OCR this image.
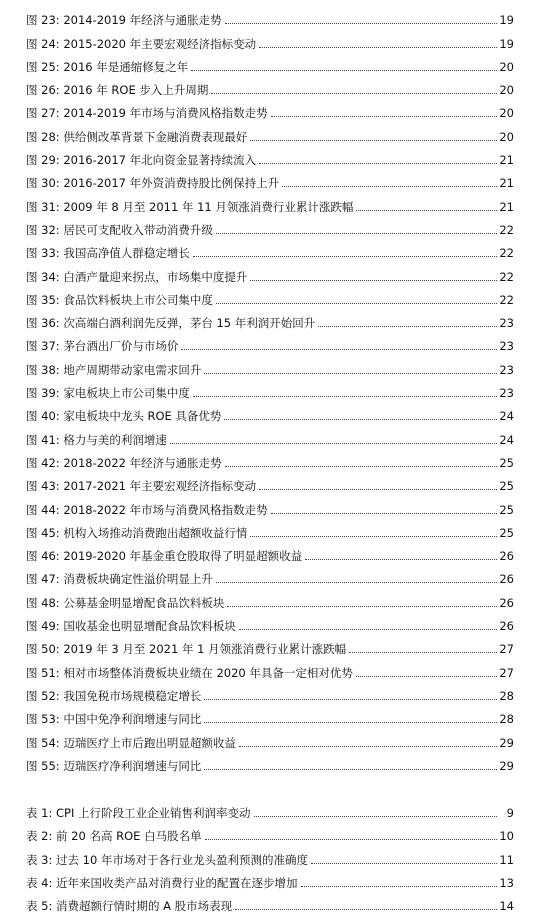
图 23: 2014-2019 年经济与通胀走势	19
图 24: 2015-2020 年主要宏观经济指标变动	19
图 25: 2016 年是通缩修复之年	20
图 26: 2016 年 ROE 步入上升周期	20
图 27: 2014-2019 年市场与消费风格指数走势	20
图 28: 供给侧改革背景下金融消费表现最好	20
图 29: 2016-2017 年北向资金显著持续流入	21
图 30: 2016-2017 年外资消费持股比例保持上升	21
图 31: 2009 年 8 月至 2011 年 11 月领涨消费行业累计涨跌幅	21
图 32: 居民可支配收入带动消费升级	22
图 33: 我国高净值人群稳定增长	22
图 34: 白酒产量迎来拐点，市场集中度提升	22
图 35: 食品饮料板块上市公司集中度	22
图 36: 次高端白酒利润先反弹，茅台 15 年利润开始回升	23
图 37: 茅台酒出厂价与市场价	23
图 38: 地产周期带动家电需求回升	23
图 39: 家电板块上市公司集中度	23
图 40: 家电板块中龙头 ROE 具备优势	24
图 41: 格力与美的利润增速	24
图 42: 2018-2022 年经济与通胀走势	25
图 43: 2017-2021 年主要宏观经济指标变动	25
图 44: 2018-2022 年市场与消费风格指数走势	25
图 45: 机构入场推动消费跑出超额收益行情	25
图 46: 2019-2020 年基金重仓股取得了明显超额收益	26
图 47: 消费板块确定性溢价明显上升	26
图 48: 公募基金明显增配食品饮料板块	26
图 49: 国收基金也明显增配食品饮料板块	26
图 50: 2019 年 3 月至 2021 年 1 月领涨消费行业累计涨跌幅	27
图 51: 相对市场整体消费板块业绩在 2020 年具备一定相对优势	27
图 52: 我国免税市场规模稳定增长	28
图 53: 中国中免净利润增速与同比	28
图 54: 迈瑞医疗上市后跑出明显超额收益	29
图 55: 迈瑞医疗净利润增速与同比	29
表 1: CPI 上行阶段工业企业销售利润率变动	9
表 2: 前 20 名高 ROE 白马股名单	10
表 3: 过去 10 年市场对于各行业龙头盈利预测的准确度	11
表 4: 近年来国收类产品对消费行业的配置在逐步增加	13
表 5: 消费超额行情时期的 A 股市场表现	14
